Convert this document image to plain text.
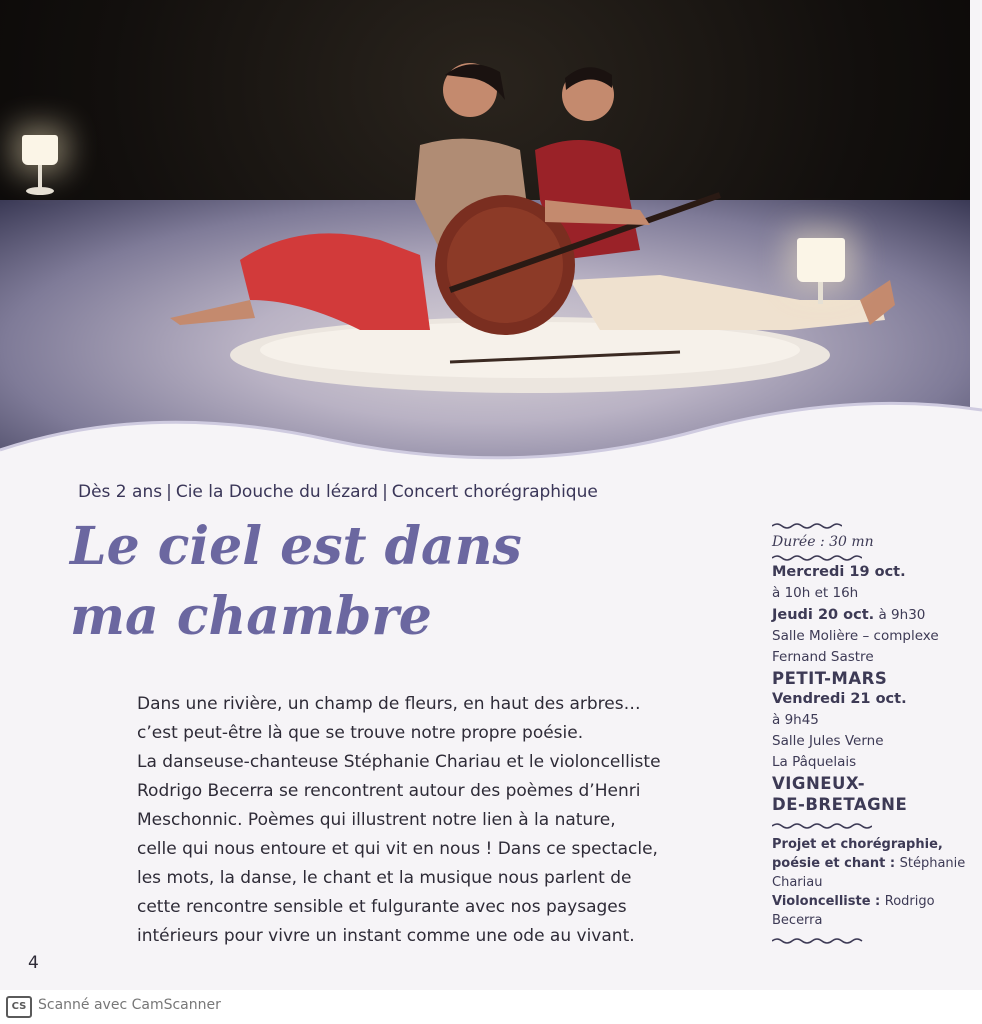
Dès 2 ans | Cie la Douche du lézard | Concert chorégraphique
Le ciel est dans
ma chambre

Dans une rivière, un champ de fleurs, en haut des arbres…

c’est peut-être là que se trouve notre propre poésie.

La danseuse-chanteuse Stéphanie Chariau et le violoncelliste

Rodrigo Becerra se rencontrent autour des poèmes d’Henri

Meschonnic. Poèmes qui illustrent notre lien à la nature,

celle qui nous entoure et qui vit en nous ! Dans ce spectacle,

les mots, la danse, le chant et la musique nous parlent de

cette rencontre sensible et fulgurante avec nos paysages

intérieurs pour vivre un instant comme une ode au vivant.

Durée : 30 mn
Mercredi 19 oct.
à 10h et 16h
Jeudi 20 oct. à 9h30
Salle Molière – complexe
Fernand Sastre
PETIT-MARS
Vendredi 21 oct.
à 9h45
Salle Jules Verne
La Pâquelais
VIGNEUX-
DE-BRETAGNE
Projet et chorégraphie, poésie et chant : Stéphanie Chariau
Violoncelliste : Rodrigo Becerra
4
CS Scanné avec CamScanner
